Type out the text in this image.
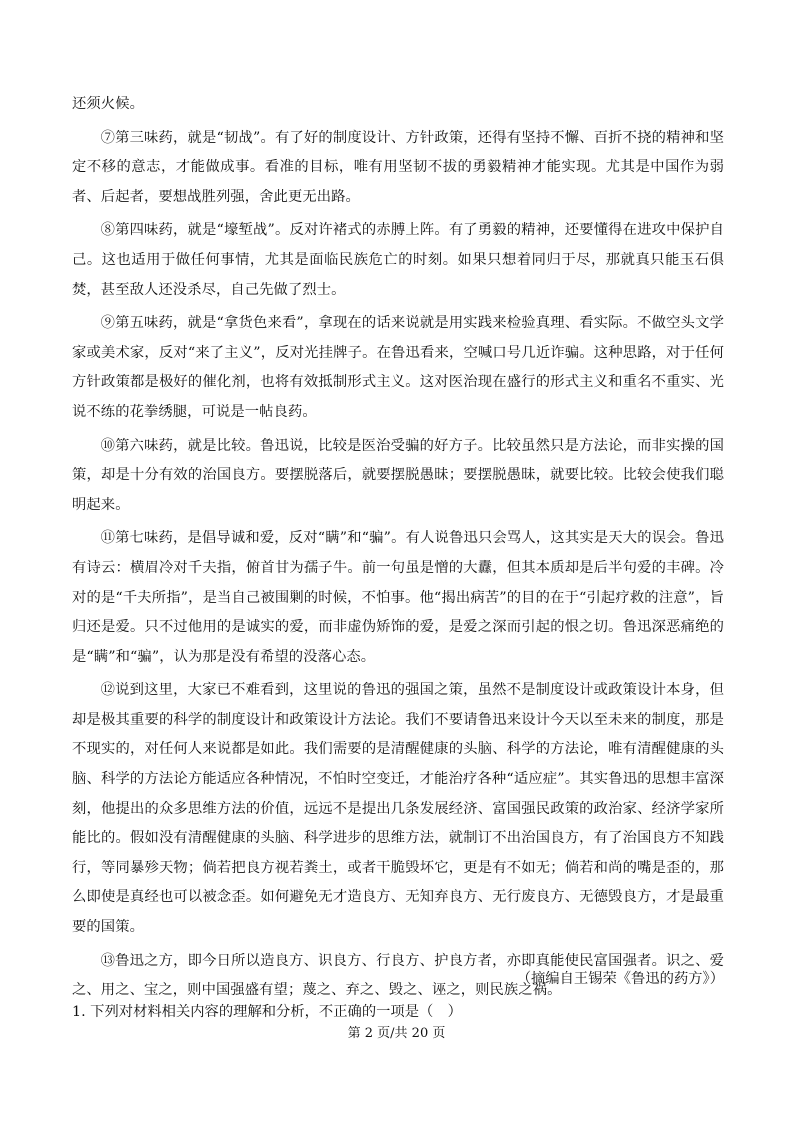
还须火候。

⑦第三味药，就是“韧战”。有了好的制度设计、方针政策，还得有坚持不懈、百折不挠的精神和坚定不移的意志，才能做成事。看准的目标，唯有用坚韧不拔的勇毅精神才能实现。尤其是中国作为弱者、后起者，要想战胜列强，舍此更无出路。

⑧第四味药，就是“壕堑战”。反对许褚式的赤膊上阵。有了勇毅的精神，还要懂得在进攻中保护自己。这也适用于做任何事情，尤其是面临民族危亡的时刻。如果只想着同归于尽，那就真只能玉石俱焚，甚至敌人还没杀尽，自己先做了烈士。

⑨第五味药，就是“拿货色来看”，拿现在的话来说就是用实践来检验真理、看实际。不做空头文学家或美术家，反对“来了主义”，反对光挂牌子。在鲁迅看来，空喊口号几近诈骗。这种思路，对于任何方针政策都是极好的催化剂，也将有效抵制形式主义。这对医治现在盛行的形式主义和重名不重实、光说不练的花拳绣腿，可说是一帖良药。

⑩第六味药，就是比较。鲁迅说，比较是医治受骗的好方子。比较虽然只是方法论，而非实操的国策，却是十分有效的治国良方。要摆脱落后，就要摆脱愚昧；要摆脱愚昧，就要比较。比较会使我们聪明起来。

⑪第七味药，是倡导诚和爱，反对“瞒”和“骗”。有人说鲁迅只会骂人，这其实是天大的误会。鲁迅有诗云：横眉冷对千夫指，俯首甘为孺子牛。前一句虽是憎的大纛，但其本质却是后半句爱的丰碑。冷对的是“千夫所指”，是当自己被围剿的时候，不怕事。他“揭出病苦”的目的在于“引起疗救的注意”，旨归还是爱。只不过他用的是诚实的爱，而非虚伪矫饰的爱，是爱之深而引起的恨之切。鲁迅深恶痛绝的是“瞒”和“骗”，认为那是没有希望的没落心态。

⑫说到这里，大家已不难看到，这里说的鲁迅的强国之策，虽然不是制度设计或政策设计本身，但却是极其重要的科学的制度设计和政策设计方法论。我们不要请鲁迅来设计今天以至未来的制度，那是不现实的，对任何人来说都是如此。我们需要的是清醒健康的头脑、科学的方法论，唯有清醒健康的头脑、科学的方法论方能适应各种情况，不怕时空变迁，才能治疗各种“适应症”。其实鲁迅的思想丰富深刻，他提出的众多思维方法的价值，远远不是提出几条发展经济、富国强民政策的政治家、经济学家所能比的。假如没有清醒健康的头脑、科学进步的思维方法，就制订不出治国良方，有了治国良方不知践行，等同暴殄天物；倘若把良方视若粪土，或者干脆毁坏它，更是有不如无；倘若和尚的嘴是歪的，那么即使是真经也可以被念歪。如何避免无才造良方、无知弃良方、无行废良方、无德毁良方，才是最重要的国策。

⑬鲁迅之方，即今日所以造良方、识良方、行良方、护良方者，亦即真能使民富国强者。识之、爱之、用之、宝之，则中国强盛有望；蔑之、弃之、毁之、诬之，则民族之祸。

（摘编自王锡荣《鲁迅的药方》）
1. 下列对材料相关内容的理解和分析，不正确的一项是（　）
第 2 页/共 20 页
